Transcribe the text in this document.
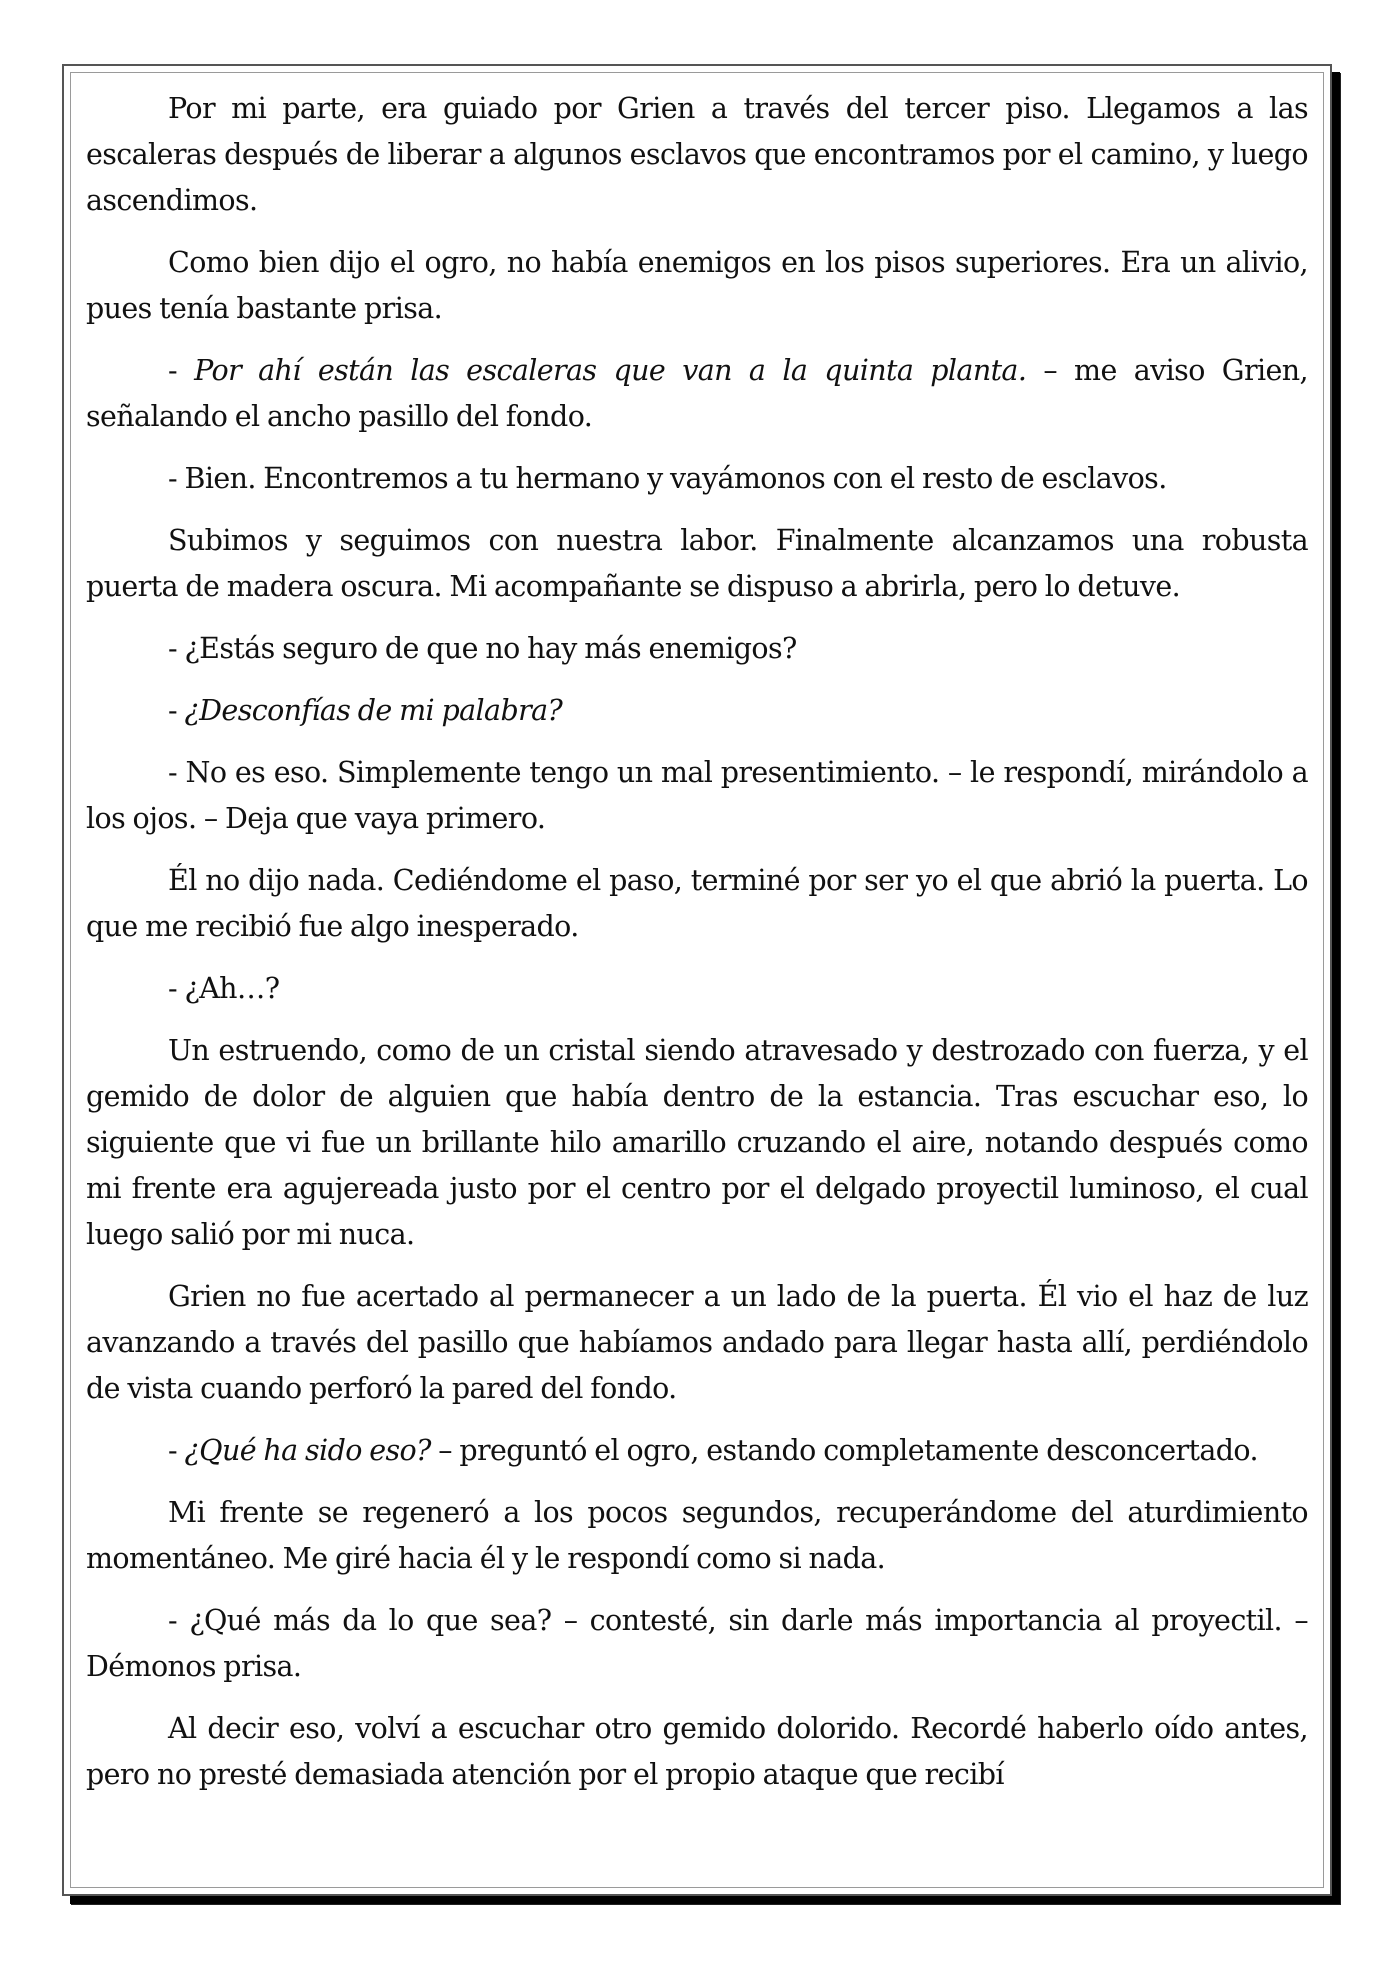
Por mi parte, era guiado por Grien a través del tercer piso. Llegamos a las escaleras después de liberar a algunos esclavos que encontramos por el camino, y luego ascendimos.

Como bien dijo el ogro, no había enemigos en los pisos superiores. Era un alivio, pues tenía bastante prisa.

- Por ahí están las escaleras que van a la quinta planta. – me aviso Grien, señalando el ancho pasillo del fondo.

- Bien. Encontremos a tu hermano y vayámonos con el resto de esclavos.

Subimos y seguimos con nuestra labor. Finalmente alcanzamos una robusta puerta de madera oscura. Mi acompañante se dispuso a abrirla, pero lo detuve.

- ¿Estás seguro de que no hay más enemigos?

- ¿Desconfías de mi palabra?

- No es eso. Simplemente tengo un mal presentimiento. – le respondí, mirándolo a los ojos. – Deja que vaya primero.

Él no dijo nada. Cediéndome el paso, terminé por ser yo el que abrió la puerta. Lo que me recibió fue algo inesperado.

- ¿Ah…?

Un estruendo, como de un cristal siendo atravesado y destrozado con fuerza, y el gemido de dolor de alguien que había dentro de la estancia. Tras escuchar eso, lo siguiente que vi fue un brillante hilo amarillo cruzando el aire, notando después como mi frente era agujereada justo por el centro por el delgado proyectil luminoso, el cual luego salió por mi nuca.

Grien no fue acertado al permanecer a un lado de la puerta. Él vio el haz de luz avanzando a través del pasillo que habíamos andado para llegar hasta allí, perdiéndolo de vista cuando perforó la pared del fondo.

- ¿Qué ha sido eso? – preguntó el ogro, estando completamente desconcertado.

Mi frente se regeneró a los pocos segundos, recuperándome del aturdimiento momentáneo. Me giré hacia él y le respondí como si nada.

- ¿Qué más da lo que sea? – contesté, sin darle más importancia al proyectil. – Démonos prisa.

Al decir eso, volví a escuchar otro gemido dolorido. Recordé haberlo oído antes, pero no presté demasiada atención por el propio ataque que recibí
